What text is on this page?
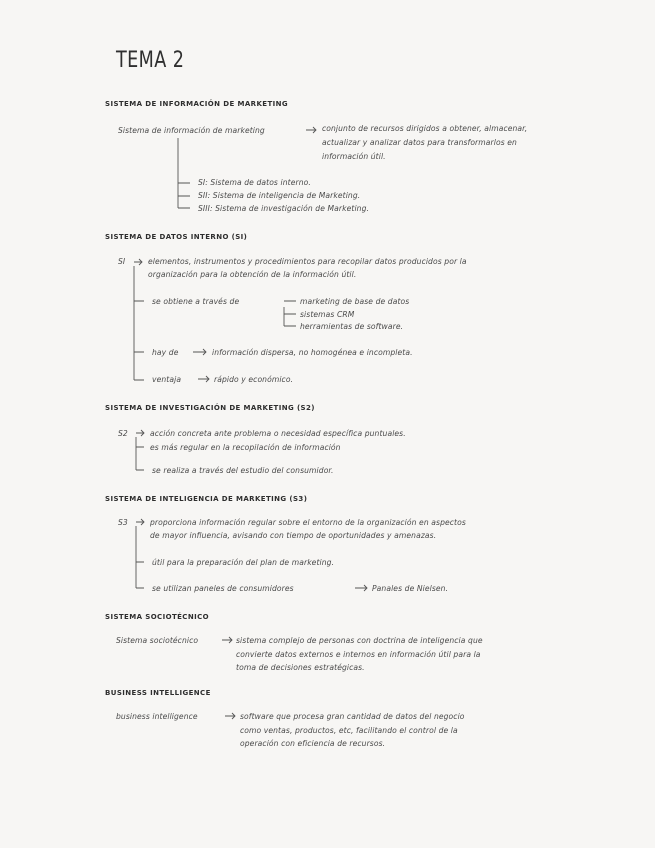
TEMA 2
SISTEMA DE INFORMACIÓN DE MARKETING
Sistema de información de marketing	conjunto de recursos dirigidos a obtener, almacenar,
actualizar y analizar datos para transformarlos en
información útil.
SI: Sistema de datos interno.
SII: Sistema de inteligencia de Marketing.
SIII: Sistema de investigación de Marketing.
SISTEMA DE DATOS INTERNO (SI)
SI	elementos, instrumentos y procedimientos para recopilar datos producidos por la
organización para la obtención de la información útil.
se obtiene a través de	marketing de base de datos
sistemas CRM
herramientas de software.
hay de	información dispersa, no homogénea e incompleta.
ventaja	rápido y económico.
SISTEMA DE INVESTIGACIÓN DE MARKETING (S2)
S2	acción concreta ante problema o necesidad específica puntuales.
es más regular en la recopilación de información
se realiza a través del estudio del consumidor.
SISTEMA DE INTELIGENCIA DE MARKETING (S3)
S3	proporciona información regular sobre el entorno de la organización en aspectos
de mayor influencia, avisando con tiempo de oportunidades y amenazas.
útil para la preparación del plan de marketing.
se utilizan paneles de consumidores	Panales de Nielsen.
SISTEMA SOCIOTÉCNICO
Sistema sociotécnico	sistema complejo de personas con doctrina de inteligencia que
convierte datos externos e internos en información útil para la
toma de decisiones estratégicas.
BUSINESS INTELLIGENCE
business intelligence	software que procesa gran cantidad de datos del negocio
como ventas, productos, etc, facilitando el control de la
operación con eficiencia de recursos.
